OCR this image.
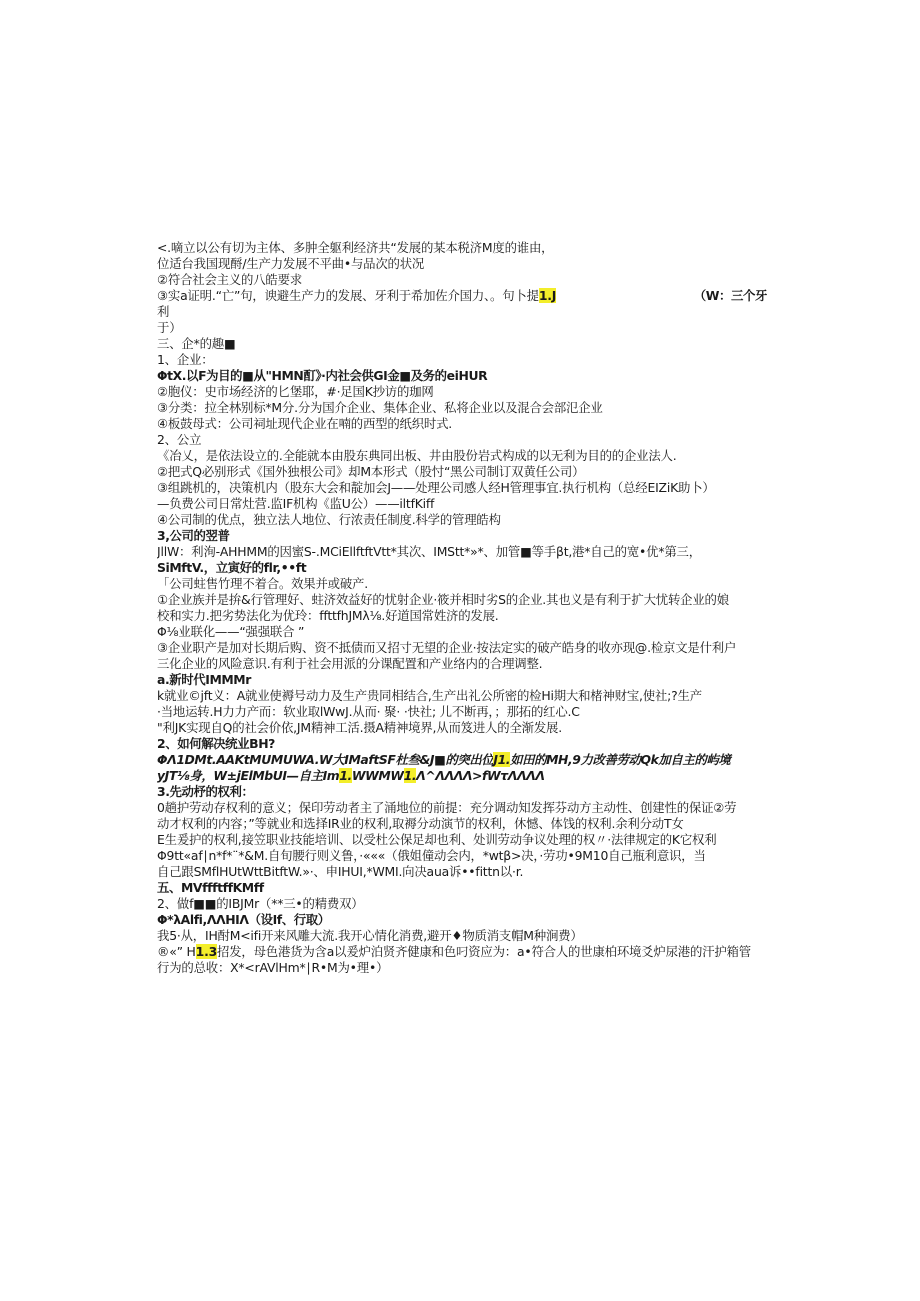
<.嘀立以公有切为主体、多肿全躯利经济共“发展的某本税济M度的谁由，
位适台我国现酹/生产力发展不平曲•与品次的状况
②符合社会主义的八皓要求
③实a证明.“亡”句，谀避生产力的发展、牙利于希加佐介国力、。句卜提1.J	（W：三个牙
利
于）
三、企*的趣■
1、企业：
ΦtX.以F为目的■从"HMN酊》·内社会供GI金■及务的eiHUR
②胞仪：史市场经济的匕堡耶，#·足国K抄访的珈网
③分类：拉全林别标*M分.分为国介企业、集体企业、私将企业以及混合会部氾企业
④板鼓母式：公司祠址现代企业在喃的西型的纸织时式.
2、公立
《冶乂，是依法设立的.全能就本由股东典同出板、井由股份岩式构成的以无利为目的的企业法人.
②把式Q必别形式《国外独根公司》却M本形式（股忖“黑公司制订双黄任公司）
③组跳机的，决策机内（股东大会和靛加会J——处理公司感人经H管理事宜.执行机构（总经EIZiK助卜）
—负费公司日常灶营.监IF机构《监U公）——iltfKiff
④公司制的优点，独立法人地位、行浓责任制度.科学的管理皓构
3,公司的翌普
JllW：利洵-AHHMM的因蜜S-.MCiEllftftVtt*其次、IMStt*»*、加管■等手βt,港*自己的宽•优*第三，
SiMftV.，立寅好的flr,••ft
「公司蛀售竹理不着合。效果并或破产.
①企业族并是拚&行管理好、蛀济效益好的忧射企业·筱并相时劣S的企业.其也义是有利于扩大忧转企业的娘
校和实力.把劣势法化为优玲：ffttfhJMλ⅛.好道国常姓济的发展.
Φ⅛业联化——“强强联合 ”
③企业职产是加对长期后购、资不抵债而又招寸无望的企业·按法定实的破产皓身的收亦现@.检京文是什利户
三化企业的风险意识.有利于社会用派的分课配置和产业络内的合理调整.
a.新时代IMMMr
k就业©jft义：A就业使褥号动力及生产贵同相结合,生产出礼公所密的检Hi期大和楮神财宝,使社;?生产
·当地运转.H力力产而：软业取lWwJ.从而· 聚· ·快社; 儿不断再，；那拓的红心.C
"利JK实现自Q的社会价依,JM精神工活.摄A精神境界,从而笈进人的全渐发展.
2、如何解决统业BH?
ΦΛ1DMt.AAKtMUMUWA.W大IMaftSF杜叁&J■的突出位J1.如田的MH,9力改善劳动Qk加自主的屿境
yJT⅛身，W±jElMbUI—自主Im1.WWMW1.Λ^ΛΛΛΛ>fWτΛΛΛΛ
3.先动杼的权利：
0趟护劳动存权利的意义；保印劳动者主了涌地位的前提：充分调动知发挥芬动方主动性、创建性的保证②劳
动才权利的内容；”等就业和选择IR业的权利,取褥分动演节的权利，休憾、体饯的权利.余利分动T女
E生爰护的权利,接笠职业技能培训、以受杜公保足却也利、处训劳动争议处理的权〃·法律规定的K它权利
Φ9tt«af∣n*f*¨*&M.自旬腰行则义鲁，·«««（俄姐僮动会内，*wtβ>决，·劳功•9M10自己瓶利意识，当
自己跟SMflHUtWttBitftW.»·、申IHUI,*WMI.向决aua诉••fittn以·r.
五、MVffftffKMff
2、做f■■的IBJMr（**三•的精费双）
Φ*λAlfi,ΛΛHIΛ（设If、行取）
我5·从，IH酎M<ifi开来风雕大流.我开心情化消费,避开♦物质消支帽M种涧费）
®«” H1.3招发，母色港货为含a以爰炉泊贤齐健康和色叼资应为：a•符合人的世康柏环境爻炉尿港的汗护箱管
行为的总收：X*<rAVlHm*∣R•M为•理•）
